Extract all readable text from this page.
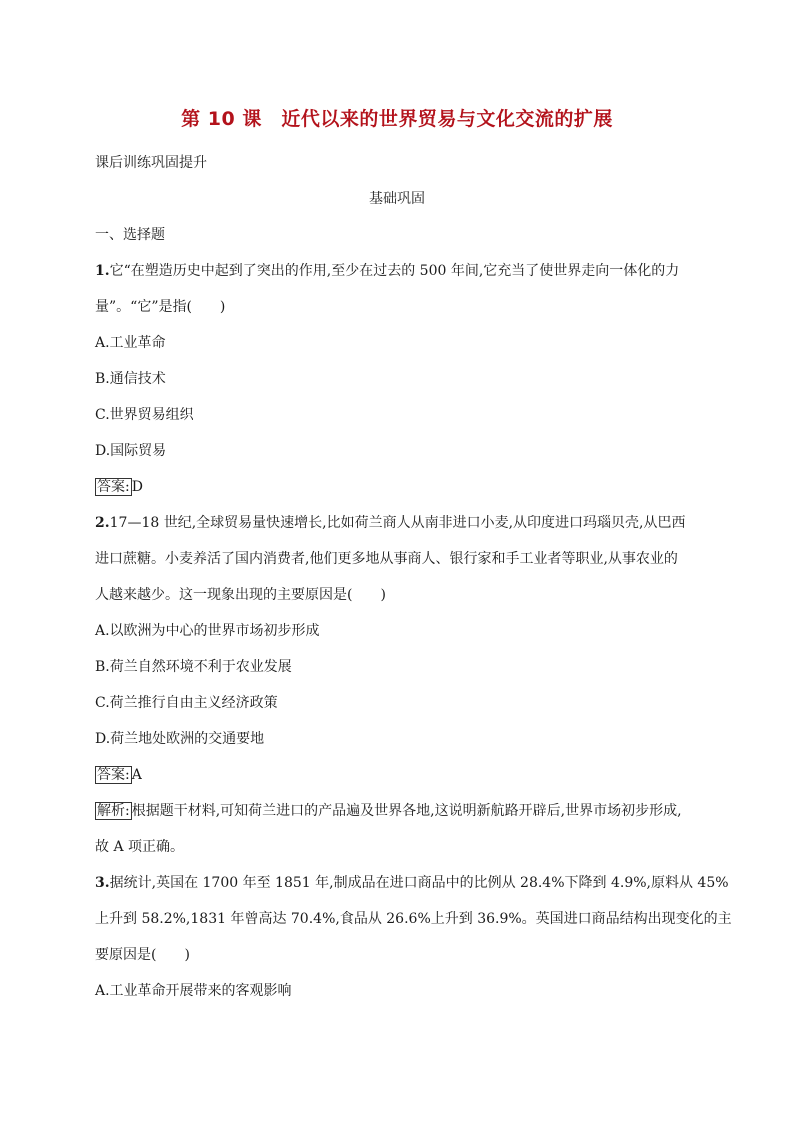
第 10 课　近代以来的世界贸易与文化交流的扩展
课后训练巩固提升
基础巩固
一、选择题
1.它“在塑造历史中起到了突出的作用,至少在过去的 500 年间,它充当了使世界走向一体化的力
量”。“它”是指(　　)
A.工业革命
B.通信技术
C.世界贸易组织
D.国际贸易
答案: D
2.17—18 世纪,全球贸易量快速增长,比如荷兰商人从南非进口小麦,从印度进口玛瑙贝壳,从巴西
进口蔗糖。小麦养活了国内消费者,他们更多地从事商人、银行家和手工业者等职业,从事农业的
人越来越少。这一现象出现的主要原因是(　　)
A.以欧洲为中心的世界市场初步形成
B.荷兰自然环境不利于农业发展
C.荷兰推行自由主义经济政策
D.荷兰地处欧洲的交通要地
答案: A
解析: 根据题干材料,可知荷兰进口的产品遍及世界各地,这说明新航路开辟后,世界市场初步形成,
故 A 项正确。
3.据统计,英国在 1700 年至 1851 年,制成品在进口商品中的比例从 28.4%下降到 4.9%,原料从 45%
上升到 58.2%,1831 年曾高达 70.4%,食品从 26.6%上升到 36.9%。英国进口商品结构出现变化的主
要原因是(　　)
A.工业革命开展带来的客观影响
